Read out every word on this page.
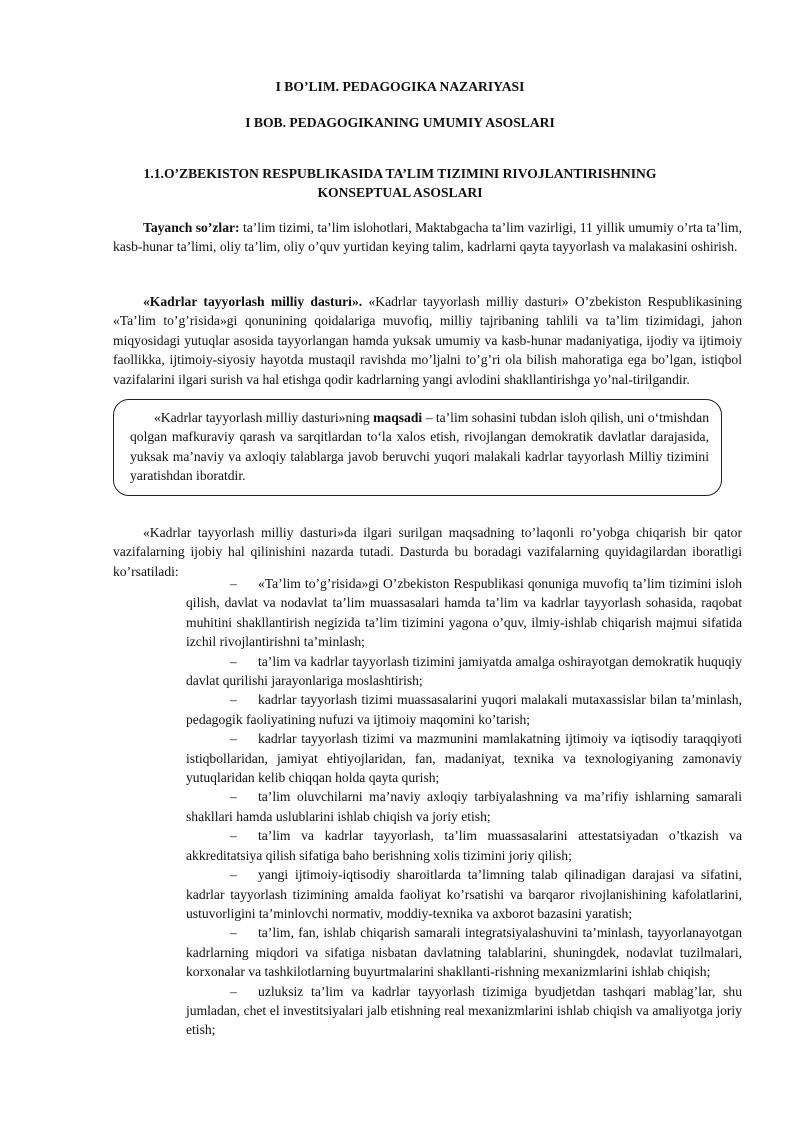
I BO’LIM. PEDAGOGIKA NAZARIYASI
I BOB. PEDAGOGIKANING UMUMIY ASOSLARI
1.1.O’ZBEKISTON RESPUBLIKASIDA TA’LIM TIZIMINI RIVOJLANTIRISHNING
KONSEPTUAL ASOSLARI
Tayanch so’zlar: ta’lim tizimi, ta’lim islohotlari, Maktabgacha ta’lim vazirligi, 11 yillik umumiy o’rta ta’lim, kasb-hunar ta’limi, oliy ta’lim, oliy o’quv yurtidan keying talim, kadrlarni qayta tayyorlash va malakasini oshirish.
«Kadrlar tayyorlash milliy dasturi». «Kadrlar tayyorlash milliy dasturi» O’zbekiston Respublikasining «Ta’lim to’g’risida»gi qonunining qoidalariga muvofiq, milliy tajribaning tahlili va ta’lim tizimidagi, jahon miqyosidagi yutuqlar asosida tayyorlangan hamda yuksak umumiy va kasb-hunar madaniyatiga, ijodiy va ijtimoiy faollikka, ijtimoiy-siyosiy hayotda mustaqil ravishda mo’ljalni to’g’ri ola bilish mahoratiga ega bo’lgan, istiqbol vazifalarini ilgari surish va hal etishga qodir kadrlarning yangi avlodini shakllantirishga yo’nal-tirilgandir.

«Kadrlar tayyorlash milliy dasturi»ning maqsadi – ta’lim sohasini tubdan isloh qilish, uni o‘tmishdan qolgan mafkuraviy qarash va sarqitlardan to‘la xalos etish, rivojlangan demokratik davlatlar darajasida, yuksak ma’naviy va axloqiy talablarga javob beruvchi yuqori malakali kadrlar tayyorlash Milliy tizimini yaratishdan iboratdir.

«Kadrlar tayyorlash milliy dasturi»da ilgari surilgan maqsadning to’laqonli ro’yobga chiqarish bir qator vazifalarning ijobiy hal qilinishini nazarda tutadi. Dasturda bu boradagi vazifalarning quyidagilardan iboratligi ko’rsatiladi:

– «Ta’lim to’g’risida»gi O’zbekiston Respublikasi qonuniga muvofiq ta’lim tizimini isloh qilish, davlat va nodavlat ta’lim muassasalari hamda ta’lim va kadrlar tayyorlash sohasida, raqobat muhitini shakllantirish negizida ta’lim tizimini yagona o’quv, ilmiy-ishlab chiqarish majmui sifatida izchil rivojlantirishni ta’minlash;

– ta’lim va kadrlar tayyorlash tizimini jamiyatda amalga oshirayotgan demokratik huquqiy davlat qurilishi jarayonlariga moslashtirish;

– kadrlar tayyorlash tizimi muassasalarini yuqori malakali mutaxassislar bilan ta’minlash, pedagogik faoliyatining nufuzi va ijtimoiy maqomini ko’tarish;

– kadrlar tayyorlash tizimi va mazmunini mamlakatning ijtimoiy va iqtisodiy taraqqiyoti istiqbollaridan, jamiyat ehtiyojlaridan, fan, madaniyat, texnika va texnologiyaning zamonaviy yutuqlaridan kelib chiqqan holda qayta qurish;

– ta’lim oluvchilarni ma’naviy axloqiy tarbiyalashning va ma’rifiy ishlarning samarali shakllari hamda uslublarini ishlab chiqish va joriy etish;

– ta’lim va kadrlar tayyorlash, ta’lim muassasalarini attestatsiyadan o’tkazish va akkreditatsiya qilish sifatiga baho berishning xolis tizimini joriy qilish;

– yangi ijtimoiy-iqtisodiy sharoitlarda ta’limning talab qilinadigan darajasi va sifatini, kadrlar tayyorlash tizimining amalda faoliyat ko’rsatishi va barqaror rivojlanishining kafolatlarini, ustuvorligini ta’minlovchi normativ, moddiy-texnika va axborot bazasini yaratish;

– ta’lim, fan, ishlab chiqarish samarali integratsiyalashuvini ta’minlash, tayyorlanayotgan kadrlarning miqdori va sifatiga nisbatan davlatning talablarini, shuningdek, nodavlat tuzilmalari, korxonalar va tashkilotlarning buyurtmalarini shakllanti-rishning mexanizmlarini ishlab chiqish;

– uzluksiz ta’lim va kadrlar tayyorlash tizimiga byudjetdan tashqari mablag’lar, shu jumladan, chet el investitsiyalari jalb etishning real mexanizmlarini ishlab chiqish va amaliyotga joriy etish;
